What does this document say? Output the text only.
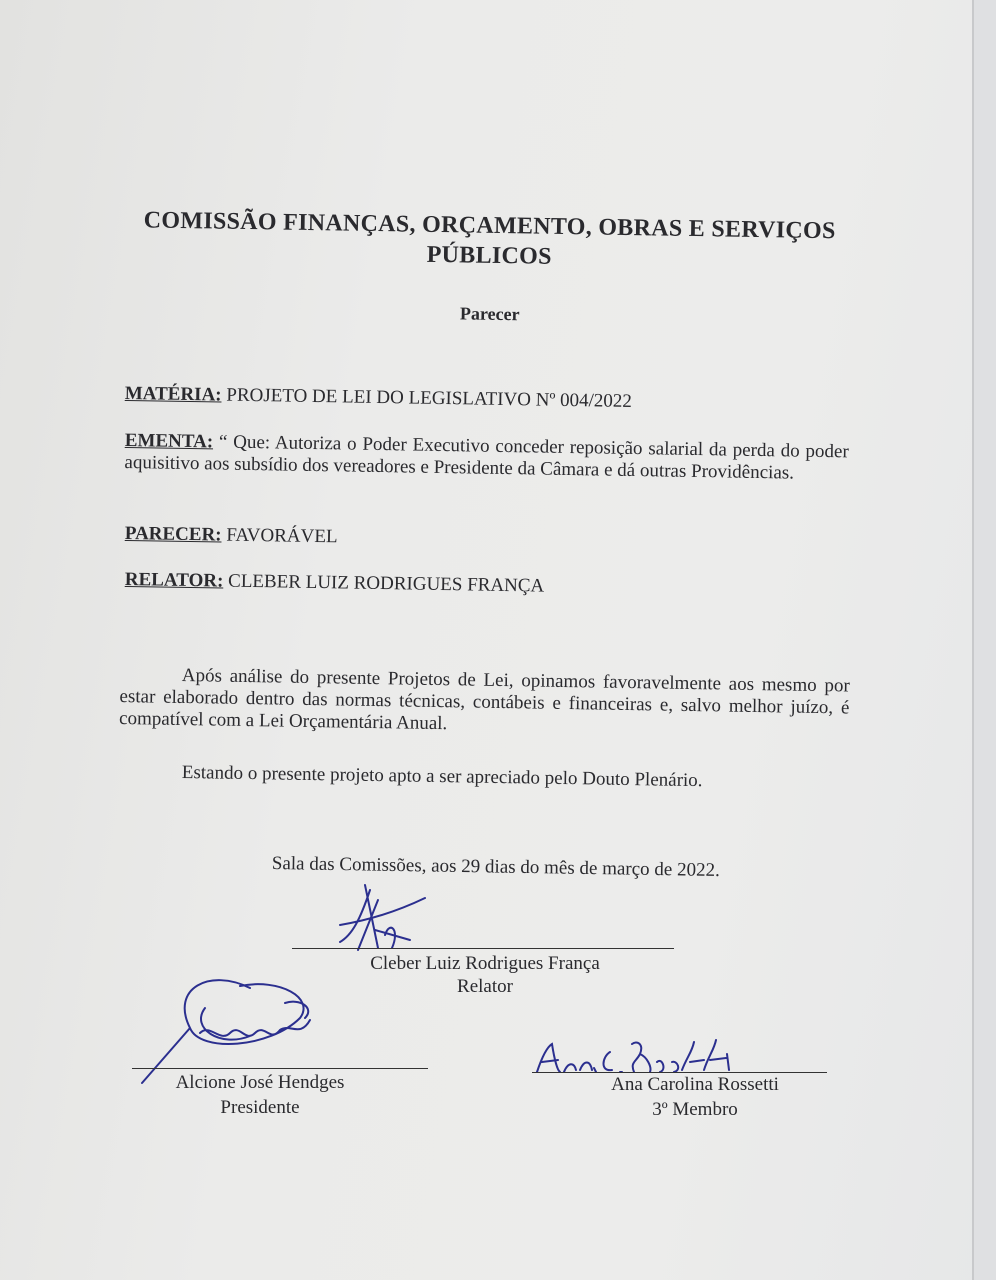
COMISSÃO FINANÇAS, ORÇAMENTO, OBRAS E SERVIÇOS PÚBLICOS
Parecer
MATÉRIA: PROJETO DE LEI DO LEGISLATIVO Nº 004/2022
EMENTA: “ Que: Autoriza o Poder Executivo conceder reposição salarial da perda do poder aquisitivo aos subsídio dos vereadores e Presidente da Câmara e dá outras Providências.
PARECER: FAVORÁVEL
RELATOR: CLEBER LUIZ RODRIGUES FRANÇA
Após análise do presente Projetos de Lei, opinamos favoravelmente aos mesmo por estar elaborado dentro das normas técnicas, contábeis e financeiras e, salvo melhor juízo, é compatível com a Lei Orçamentária Anual.
Estando o presente projeto apto a ser apreciado pelo Douto Plenário.
Sala das Comissões, aos 29 dias do mês de março de 2022.
Cleber Luiz Rodrigues França
Relator
Alcione José Hendges
Presidente
Ana Carolina Rossetti
3º Membro
